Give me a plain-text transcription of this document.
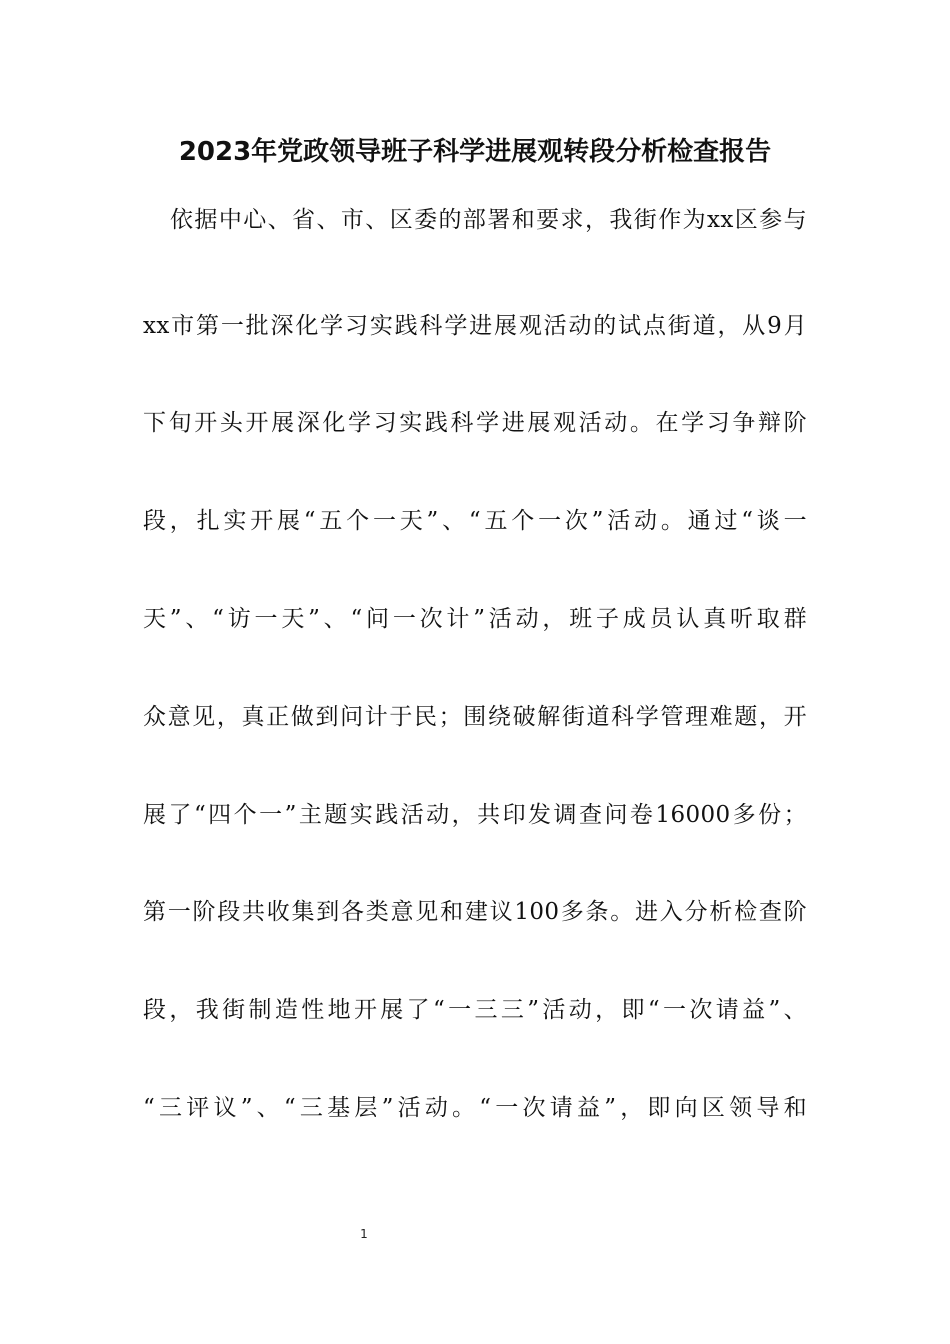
2023年党政领导班子科学进展观转段分析检查报告
依据中心、省、市、区委的部署和要求，我街作为xx区参与
xx市第一批深化学习实践科学进展观活动的试点街道，从9月
下旬开头开展深化学习实践科学进展观活动。在学习争辩阶
段，扎实开展“五个一天”、“五个一次”活动。通过“谈一
天”、“访一天”、“问一次计”活动，班子成员认真听取群
众意见，真正做到问计于民；围绕破解街道科学管理难题，开
展了“四个一”主题实践活动，共印发调查问卷16000多份；
第一阶段共收集到各类意见和建议100多条。进入分析检查阶
段，我街制造性地开展了“一三三”活动，即“一次请益”、
“三评议”、“三基层”活动。“一次请益”，即向区领导和
1
